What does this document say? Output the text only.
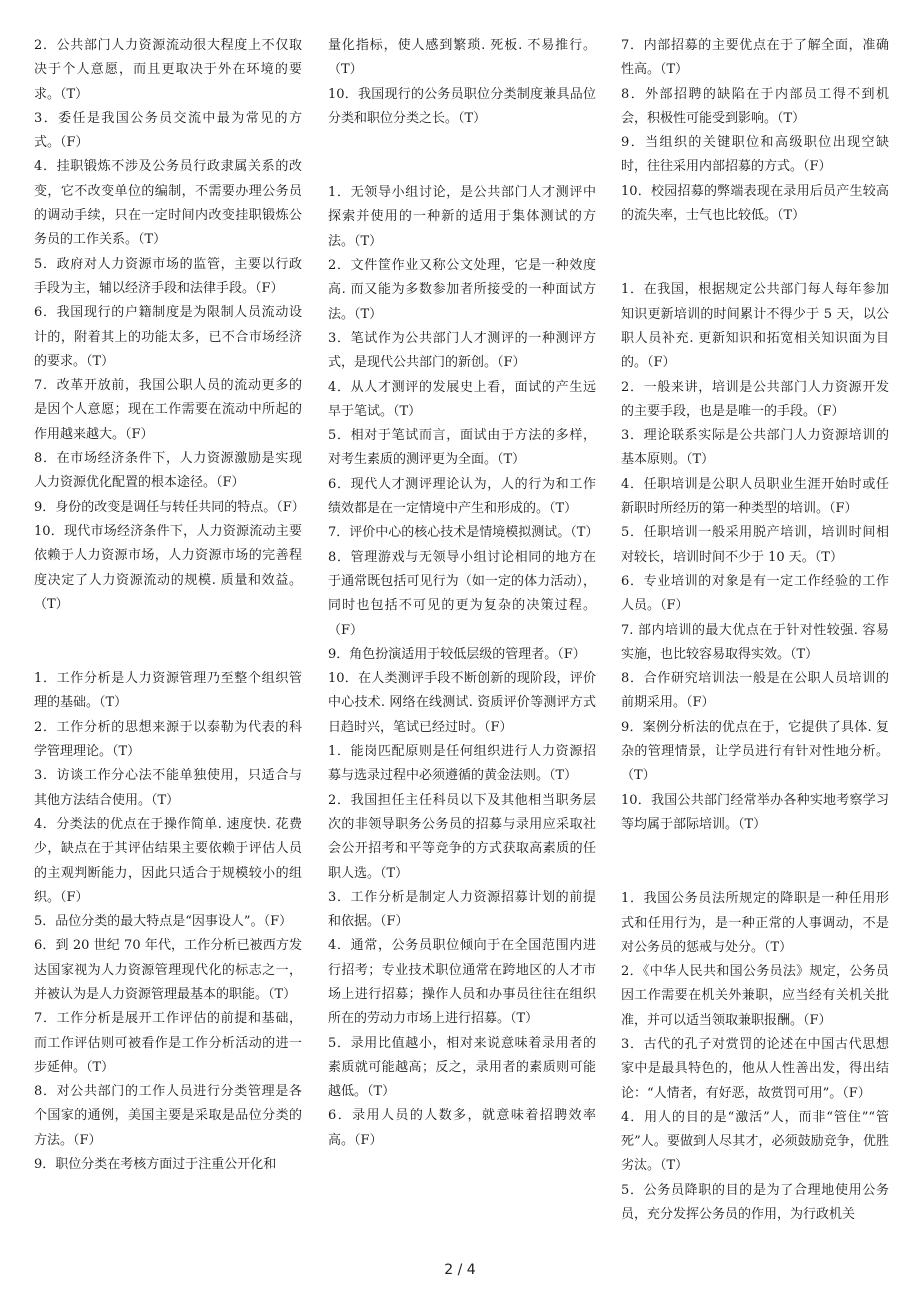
2．公共部门人力资源流动很大程度上不仅取决于个人意愿，而且更取决于外在环境的要求。（T）

3．委任是我国公务员交流中最为常见的方式。（F）

4．挂职锻炼不涉及公务员行政隶属关系的改变，它不改变单位的编制，不需要办理公务员的调动手续，只在一定时间内改变挂职锻炼公务员的工作关系。（T）

5．政府对人力资源市场的监管，主要以行政手段为主，辅以经济手段和法律手段。（F）

6．我国现行的户籍制度是为限制人员流动设计的，附着其上的功能太多，已不合市场经济的要求。（T）

7．改革开放前，我国公职人员的流动更多的是因个人意愿；现在工作需要在流动中所起的作用越来越大。（F）

8．在市场经济条件下，人力资源激励是实现人力资源优化配置的根本途径。（F）

9．身份的改变是调任与转任共同的特点。（F）

10．现代市场经济条件下，人力资源流动主要依赖于人力资源市场，人力资源市场的完善程度决定了人力资源流动的规模. 质量和效益。（T）

1．工作分析是人力资源管理乃至整个组织管理的基础。（T）

2．工作分析的思想来源于以泰勒为代表的科学管理理论。（T）

3．访谈工作分心法不能单独使用，只适合与其他方法结合使用。（T）

4．分类法的优点在于操作简单. 速度快. 花费少，缺点在于其评估结果主要依赖于评估人员的主观判断能力，因此只适合于规模较小的组织。（F）

5．品位分类的最大特点是“因事设人”。（F）

6．到 20 世纪 70 年代，工作分析已被西方发达国家视为人力资源管理现代化的标志之一，并被认为是人力资源管理最基本的职能。（T）

7．工作分析是展开工作评估的前提和基础，而工作评估则可被看作是工作分析活动的进一步延伸。（T）

8．对公共部门的工作人员进行分类管理是各个国家的通例，美国主要是采取是品位分类的方法。（F）

9．职位分类在考核方面过于注重公开化和

量化指标，使人感到繁琐. 死板. 不易推行。（T）

10．我国现行的公务员职位分类制度兼具品位分类和职位分类之长。（T）

1．无领导小组讨论，是公共部门人才测评中探索并使用的一种新的适用于集体测试的方法。（T）

2．文件筐作业又称公文处理，它是一种效度高. 而又能为多数参加者所接受的一种面试方法。（T）

3．笔试作为公共部门人才测评的一种测评方式，是现代公共部门的新创。（F）

4．从人才测评的发展史上看，面试的产生远早于笔试。（T）

5．相对于笔试而言，面试由于方法的多样，对考生素质的测评更为全面。（T）

6．现代人才测评理论认为，人的行为和工作绩效都是在一定情境中产生和形成的。（T）

7．评价中心的核心技术是情境模拟测试。（T）

8．管理游戏与无领导小组讨论相同的地方在于通常既包括可见行为（如一定的体力活动），同时也包括不可见的更为复杂的决策过程。（F）

9．角色扮演适用于较低层级的管理者。（F）

10．在人类测评手段不断创新的现阶段，评价中心技术. 网络在线测试. 资质评价等测评方式日趋时兴，笔试已经过时。（F）

1．能岗匹配原则是任何组织进行人力资源招募与选录过程中必须遵循的黄金法则。（T）

2．我国担任主任科员以下及其他相当职务层次的非领导职务公务员的招募与录用应采取社会公开招考和平等竞争的方式获取高素质的任职人选。（T）

3．工作分析是制定人力资源招募计划的前提和依据。（F）

4．通常，公务员职位倾向于在全国范围内进行招考；专业技术职位通常在跨地区的人才市场上进行招募；操作人员和办事员往往在组织所在的劳动力市场上进行招募。（T）

5．录用比值越小，相对来说意味着录用者的素质就可能越高；反之，录用者的素质则可能越低。（T）

6．录用人员的人数多，就意味着招聘效率高。（F）

7．内部招募的主要优点在于了解全面，准确性高。（T）

8．外部招聘的缺陷在于内部员工得不到机会，积极性可能受到影响。（T）

9．当组织的关键职位和高级职位出现空缺时，往往采用内部招募的方式。（F）

10．校园招募的弊端表现在录用后员产生较高的流失率，士气也比较低。（T）

1．在我国，根据规定公共部门每人每年参加知识更新培训的时间累计不得少于 5 天，以公职人员补充. 更新知识和拓宽相关知识面为目的。（F）

2．一般来讲，培训是公共部门人力资源开发的主要手段，也是是唯一的手段。（F）

3．理论联系实际是公共部门人力资源培训的基本原则。（T）

4．任职培训是公职人员职业生涯开始时或任新职时所经历的第一种类型的培训。（F）

5．任职培训一般采用脱产培训，培训时间相对较长，培训时间不少于 10 天。（T）

6．专业培训的对象是有一定工作经验的工作人员。（F）

7. 部内培训的最大优点在于针对性较强. 容易实施，也比较容易取得实效。（T）

8．合作研究培训法一般是在公职人员培训的前期采用。（F）

9．案例分析法的优点在于，它提供了具体. 复杂的管理情景，让学员进行有针对性地分析。（T）

10．我国公共部门经常举办各种实地考察学习等均属于部际培训。（T）

1．我国公务员法所规定的降职是一种任用形式和任用行为，是一种正常的人事调动，不是对公务员的惩戒与处分。（T）

2．《中华人民共和国公务员法》规定，公务员因工作需要在机关外兼职，应当经有关机关批准，并可以适当领取兼职报酬。（F）

3．古代的孔子对赏罚的论述在中国古代思想家中是最具特色的，他从人性善出发，得出结论：“人情者，有好恶，故赏罚可用”。（F）

4．用人的目的是“激活”人，而非“管住”“管死”人。要做到人尽其才，必须鼓励竞争，优胜劣汰。（T）

5．公务员降职的目的是为了合理地使用公务员，充分发挥公务员的作用，为行政机关

2 / 4
